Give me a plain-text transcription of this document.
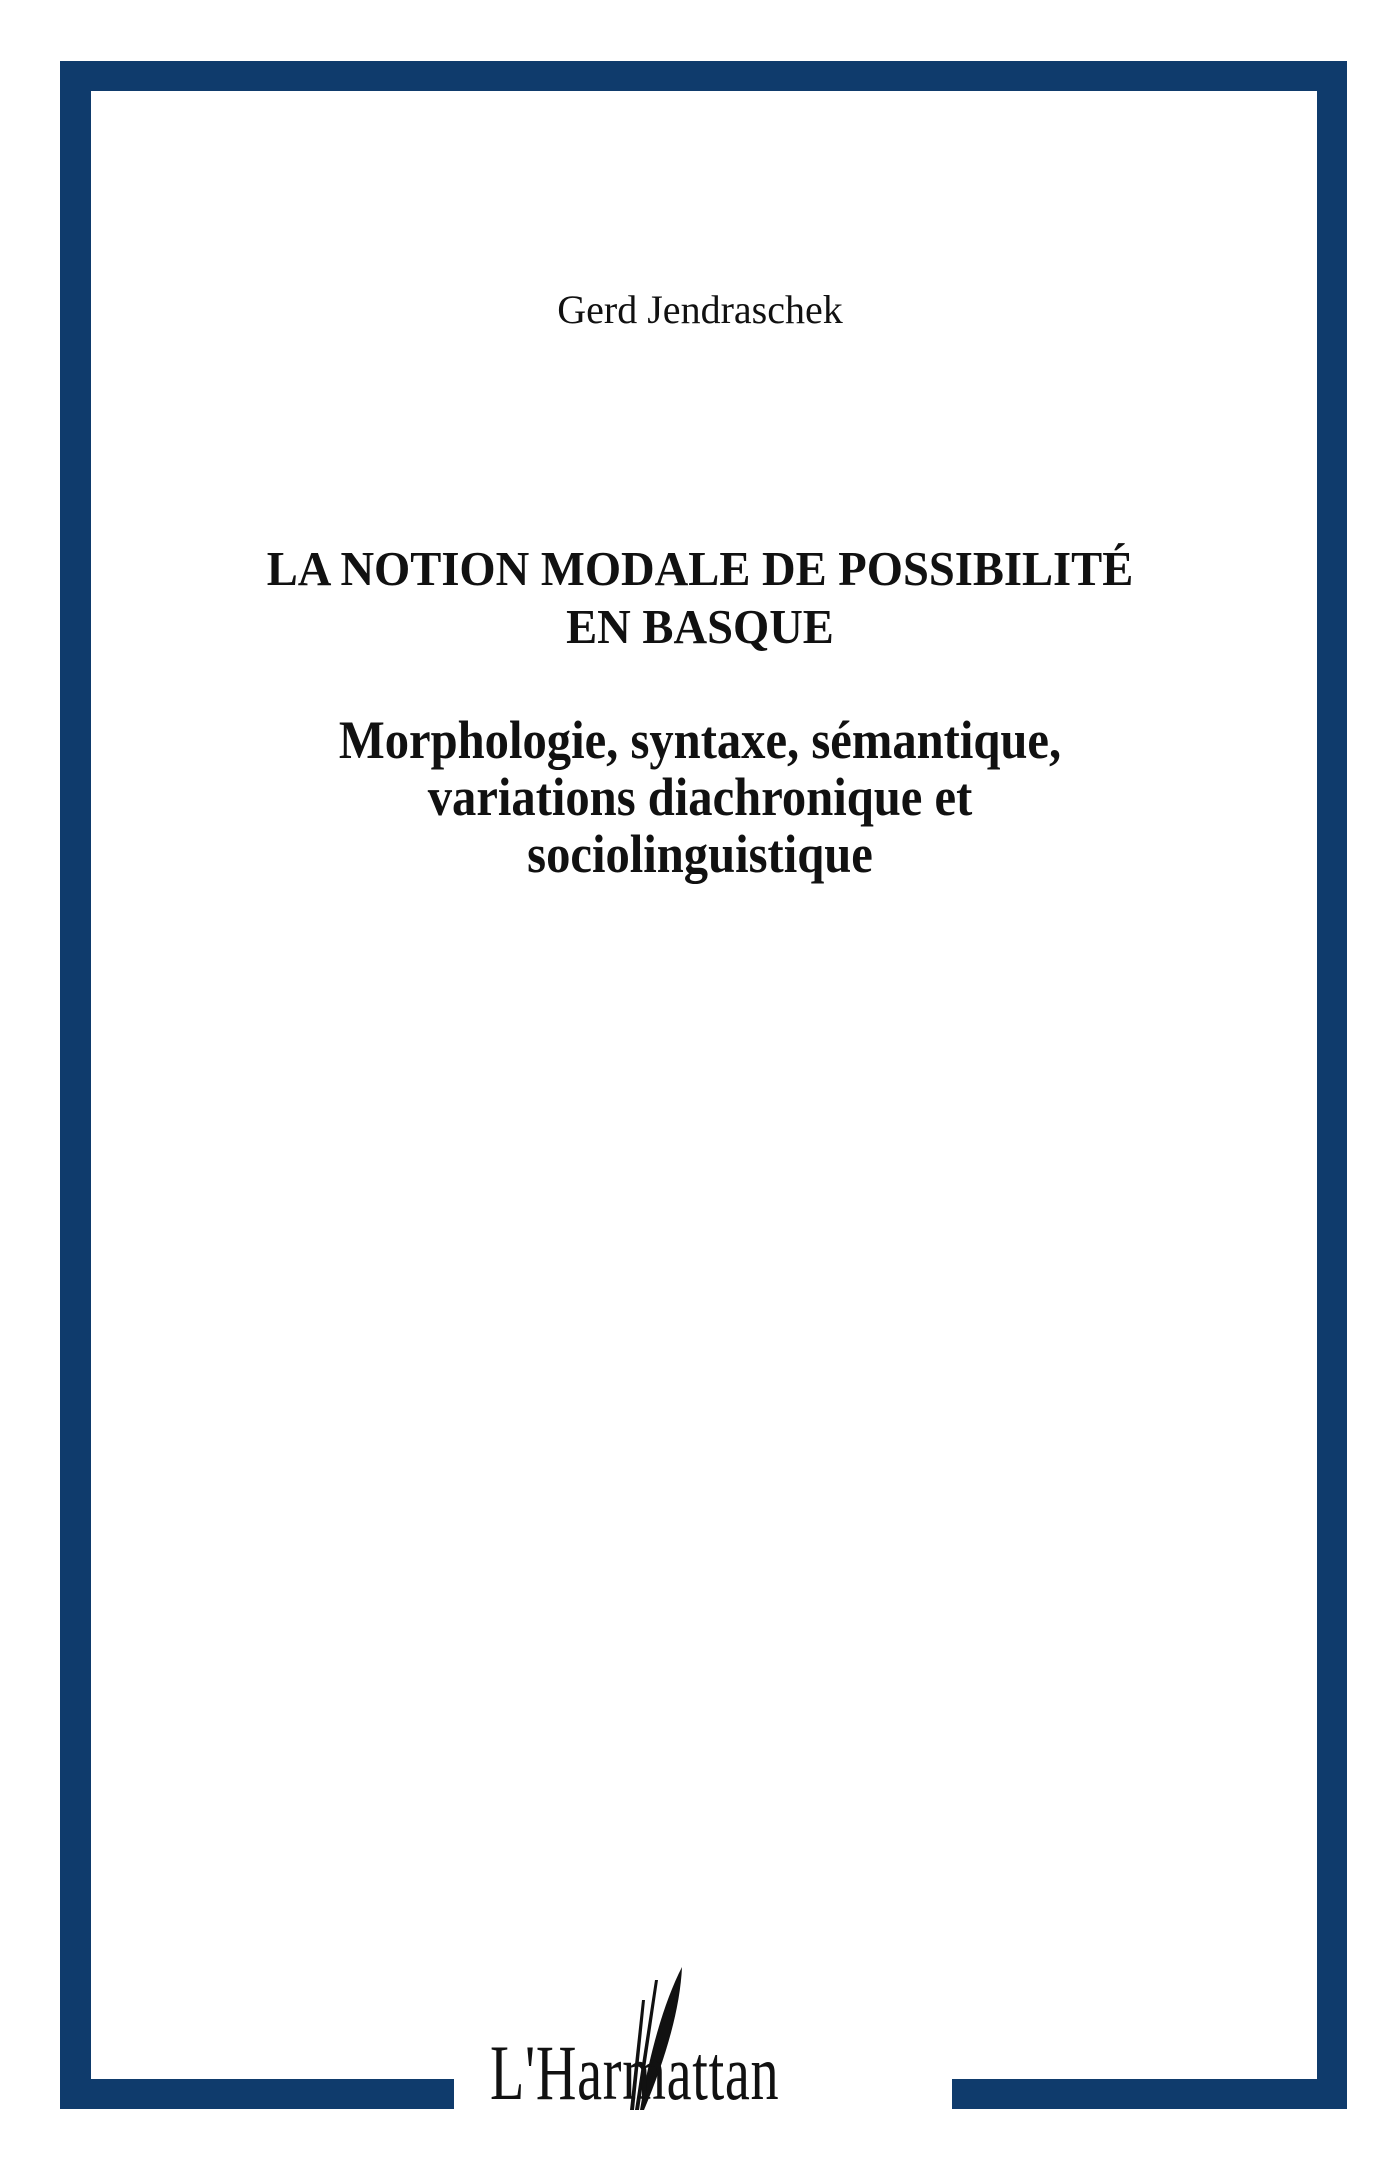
Gerd Jendraschek
LA NOTION MODALE DE POSSIBILITÉ
EN BASQUE
Morphologie, syntaxe, sémantique,
variations diachronique et
sociolinguistique
L'Harmattan
